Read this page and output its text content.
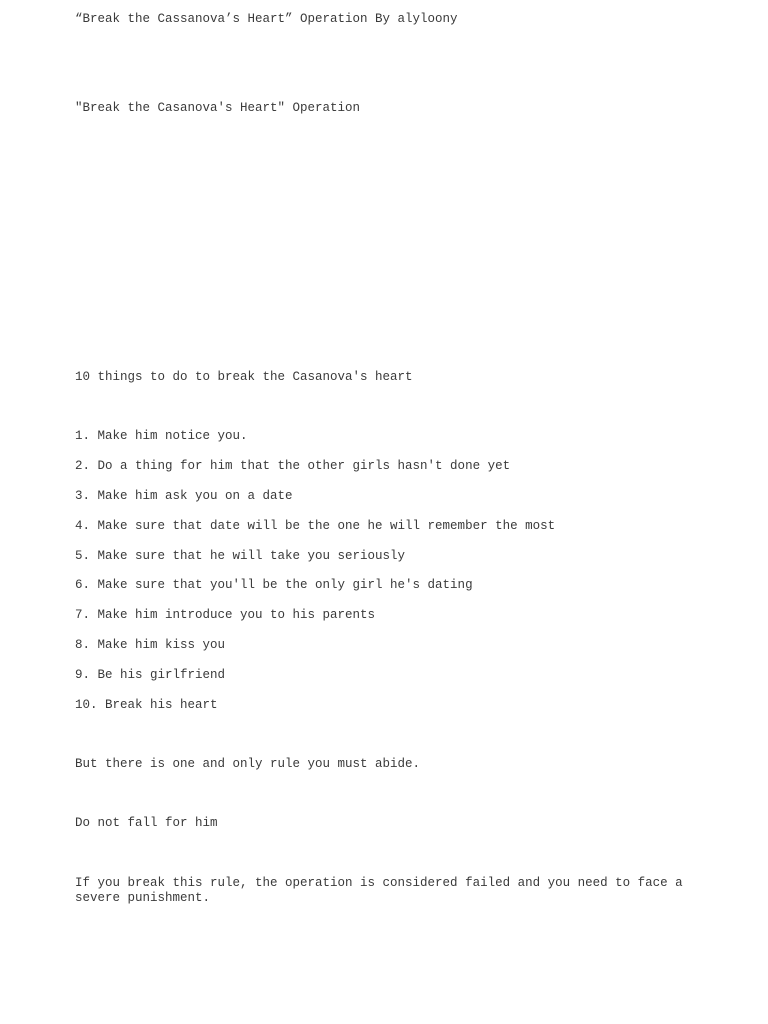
“Break the Cassanova’s Heart” Operation By alyloony
"Break the Casanova's Heart" Operation
10 things to do to break the Casanova's heart
1. Make him notice you.
2. Do a thing for him that the other girls hasn't done yet
3. Make him ask you on a date
4. Make sure that date will be the one he will remember the most
5. Make sure that he will take you seriously
6. Make sure that you'll be the only girl he's dating
7. Make him introduce you to his parents
8. Make him kiss you
9. Be his girlfriend
10. Break his heart
But there is one and only rule you must abide.
Do not fall for him
If you break this rule, the operation is considered failed and you need to face a severe punishment.
